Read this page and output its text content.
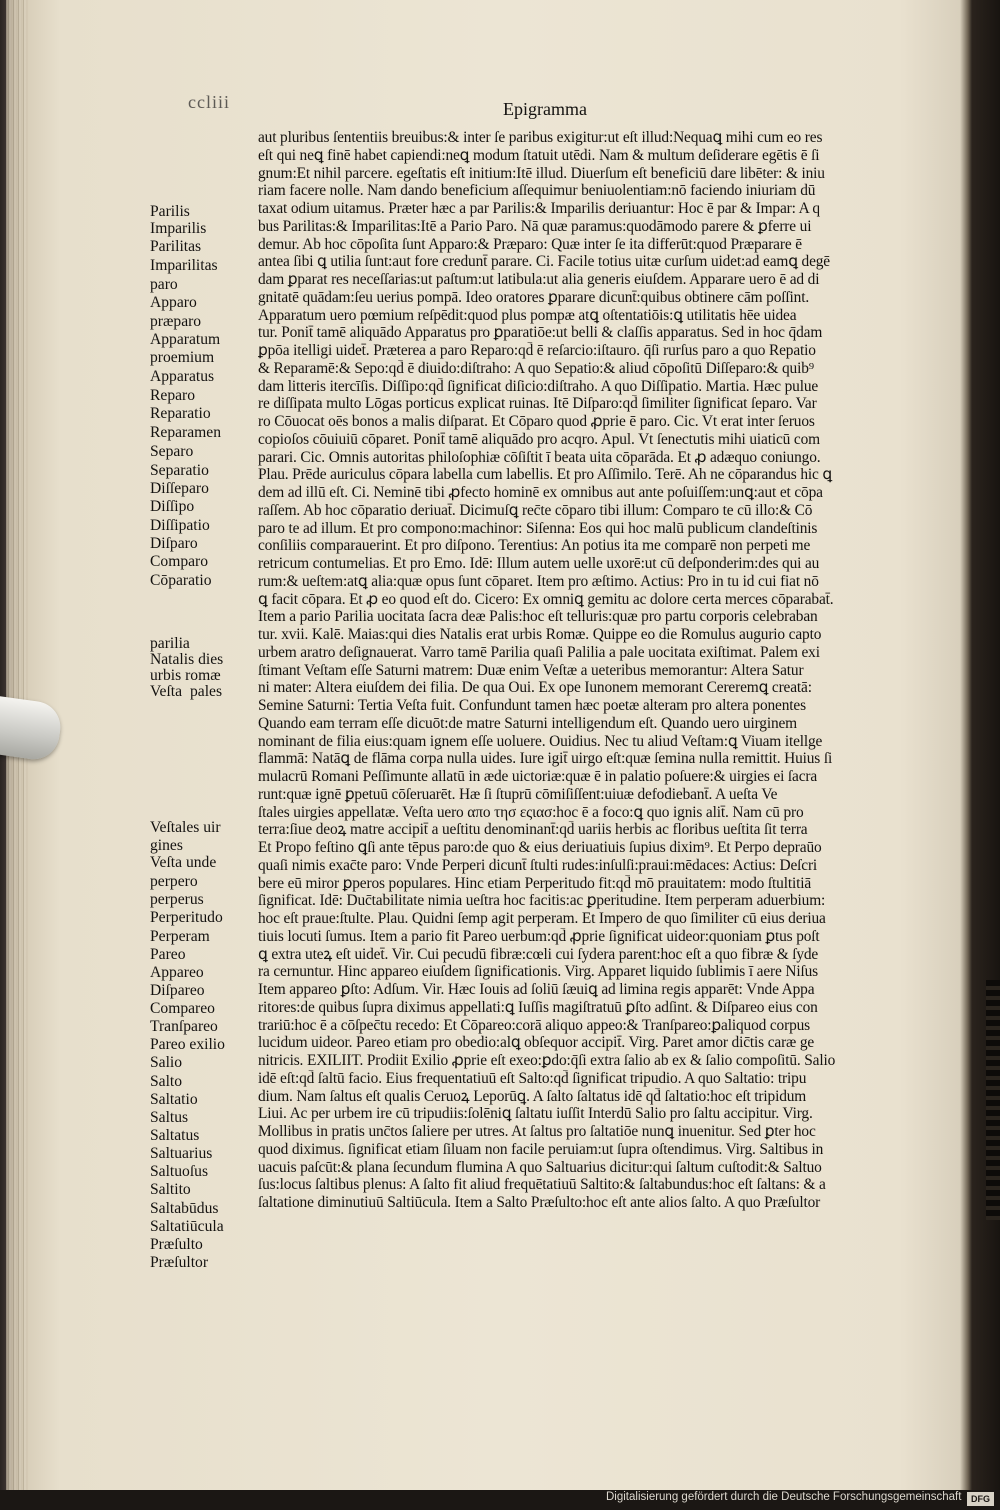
ccliii	Epigramma
aut pluribus ſententiis breuibus:& inter ſe paribus exigitur:ut eſt illud:Nequaꝗ mihi cum eo res
eſt qui neꝗ finē habet capiendi:neꝗ modum ſtatuit utēdi. Nam & multum deſiderare egētis ē ſi
gnum:Et nihil parcere. egeſtatis eſt initium:Itē illud. Diuerſum eſt beneficiū dare libēter: & iniu
riam facere nolle. Nam dando beneficium aſſequimur beniuolentiam:nō faciendo iniuriam dū
taxat odium uitamus. Præter hæc a par Parilis:& Imparilis deriuantur: Hoc ē par & Impar: A q
bus Parilitas:& Imparilitas:Itē a Pario Paro. Nā quæ paramus:quodāmodo parere & ꝑferre ui
demur. Ab hoc cōpoſita ſunt Apparo:& Præparo: Quæ inter ſe ita differūt:quod Præparare ē
antea ſibi ꝗ utilia ſunt:aut fore credunt̄ parare. Ci. Facile totius uitæ curſum uidet:ad eamꝗ degē
dam ꝑparat res neceſſarias:ut paſtum:ut latibula:ut alia generis eiuſdem. Apparare uero ē ad di
gnitatē quādam:ſeu uerius pompā. Ideo oratores ꝑparare dicunt̄:quibus obtinere cām poſſint.
Apparatum uero pœmium reſpēdit:quod plus pompæ atꝗ oſtentatiōis:ꝗ utilitatis hēe uidea
tur. Ponit̄ tamē aliquādo Apparatus pro ꝑparatiōe:ut belli & claſſis apparatus. Sed in hoc q̄dam
ꝑpōa itelligi uidet̄. Præterea a paro Reparo:qd̄ ē reſarcio:iſtauro. q̄ſi rurſus paro a quo Repatio
& Reparamē:& Sepo:qd̄ ē diuido:diſtraho: A quo Sepatio:& aliud cōpoſitū Diſſeparo:& quib⁹
dam litteris itercīſis. Diſſipo:qd̄ ſignificat diſicio:diſtraho. A quo Diſſipatio. Martia. Hæc pulue
re diſſipata multo Lōgas porticus explicat ruinas. Itē Diſparo:qd̄ ſimiliter ſignificat ſeparo. Var
ro Cōuocat oēs bonos a malis diſparat. Et Cōparo quod ꝓprie ē paro. Cic. Vt erat inter ſeruos
copioſos cōuiuiū cōparet. Ponit̄ tamē aliquādo pro acqro. Apul. Vt ſenectutis mihi uiaticū com
parari. Cic. Omnis autoritas philoſophiæ cōſiſtit ī beata uita cōparāda. Et ꝓ adæquo coniungo.
Plau. Prēde auriculus cōpara labella cum labellis. Et pro Aſſimilo. Terē. Ah ne cōparandus hic ꝗ
dem ad illū eſt. Ci. Neminē tibi ꝓfecto hominē ex omnibus aut ante poſuiſſem:unꝗ:aut et cōpa
raſſem. Ab hoc cōparatio deriuat̄. Dicimuſꝗ rec̄te cōparo tibi illum: Comparo te cū illo:& Cō
paro te ad illum. Et pro compono:machinor: Siſenna: Eos qui hoc malū publicum clandeſtinis
conſiliis comparauerint. Et pro diſpono. Terentius: An potius ita me comparē non perpeti me
retricum contumelias. Et pro Emo. Idē: Illum autem uelle uxorē:ut cū deſponderim:des qui au
rum:& ueſtem:atꝗ alia:quæ opus ſunt cōparet. Item pro æſtimo. Actius: Pro in tu id cui fiat nō
ꝗ facit cōpara. Et ꝓ eo quod eſt do. Cicero: Ex omniꝗ gemitu ac dolore certa merces cōparabat̄.
Item a pario Parilia uocitata ſacra deæ Palis:hoc eſt telluris:quæ pro partu corporis celebraban
tur. xvii. Kalē. Maias:qui dies Natalis erat urbis Romæ. Quippe eo die Romulus augurio capto
urbem aratro deſignauerat. Varro tamē Parilia quaſi Palilia a pale uocitata exiſtimat. Palem exi
ſtimant Veſtam eſſe Saturni matrem: Duæ enim Veſtæ a ueteribus memorantur: Altera Satur
ni mater: Altera eiuſdem dei filia. De qua Oui. Ex ope Iunonem memorant Cereremꝗ creatā:
Semine Saturni: Tertia Veſta fuit. Confundunt tamen hæc poetæ alteram pro altera ponentes
Quando eam terram eſſe dicuōt:de matre Saturni intelligendum eſt. Quando uero uirginem
nominant de filia eius:quam ignem eſſe uoluere. Ouidius. Nec tu aliud Veſtam:ꝗ Viuam itellge
flammā: Natāꝗ de flāma corpa nulla uides. Iure igit̄ uirgo eſt:quæ ſemina nulla remittit. Huius ſi
mulacrū Romani Peſſimunte allatū in æde uictoriæ:quæ ē in palatio poſuere:& uirgies ei ſacra
runt:quæ ignē ꝑpetuū cōſeruarēt. Hæ ſi ſtuprū cōmiſiſſent:uiuæ defodiebant̄. A ueſta Ve
ſtales uirgies appellatæ. Veſta uero απο τησ εςιασ:hoc ē a foco:ꝗ quo ignis alit̄. Nam cū pro
terra:ſiue deoꝝ matre accipit̄ a ueſtitu denominant̄:qd̄ uariis herbis ac floribus ueſtita ſit terra
Et Propo feſtino ꝗſi ante tēpus paro:de quo & eius deriuatiuis ſupius dixim⁹. Et Perpo depraūo
quaſi nimis exac̄te paro: Vnde Perperi dicunt̄ ſtulti rudes:inſulſi:praui:mēdaces: Actius: Deſcri
bere eū miror ꝑperos populares. Hinc etiam Perperitudo fit:qd̄ mō prauitatem: modo ſtultitiā
ſignificat. Idē: Duc̄tabilitate nimia ueſtra hoc facitis:ac ꝑperitudine. Item perperam aduerbium:
hoc eſt praue:ſtulte. Plau. Quidni ſemp agit perperam. Et Impero de quo ſimiliter cū eius deriua
tiuis locuti ſumus. Item a pario fit Pareo uerbum:qd̄ ꝓprie ſignificat uideor:quoniam ꝑtus poſt
ꝗ extra uteꝝ eſt uidet̄. Vir. Cui pecudū fibræ:cœli cui ſydera parent:hoc eſt a quo fibræ & ſyde
ra cernuntur. Hinc appareo eiuſdem ſignificationis. Virg. Apparet liquido ſublimis ī aere Niſus
Item appareo ꝑſto: Adſum. Vir. Hæc Iouis ad ſoliū ſæuiꝗ ad limina regis apparēt: Vnde Appa
ritores:de quibus ſupra diximus appellati:ꝗ Iuſſis magiſtratuū ꝑſto adſint. & Diſpareo eius con
trariū:hoc ē a cōſpec̄tu recedo: Et Cōpareo:corā aliquo appeo:& Tranſpareo:ꝑaliquod corpus
lucidum uideor. Pareo etiam pro obedio:alꝗ obſequor accipit̄. Virg. Paret amor dic̄tis caræ ge
nitricis. EXILIIT. Prodiit Exilio ꝓprie eſt exeo:ꝑdo:q̄ſi extra ſalio ab ex & ſalio compoſitū. Salio
idē eſt:qd̄ ſaltū facio. Eius frequentatiuū eſt Salto:qd̄ ſignificat tripudio. A quo Saltatio: tripu
dium. Nam ſaltus eſt qualis Ceruoꝝ Leporūꝗ. A ſalto ſaltatus idē qd̄ ſaltatio:hoc eſt tripidum
Liui. Ac per urbem ire cū tripudiis:ſolēniꝗ ſaltatu iuſſit Interdū Salio pro ſaltu accipitur. Virg.
Mollibus in pratis unc̄tos ſaliere per utres. At ſaltus pro ſaltatiōe nunꝗ inuenitur. Sed ꝑter hoc
quod diximus. ſignificat etiam ſiluam non facile peruiam:ut ſupra oſtendimus. Virg. Saltibus in
uacuis paſcūt:& plana ſecundum flumina A quo Saltuarius dicitur:qui ſaltum cuſtodit:& Saltuo
ſus:locus ſaltibus plenus: A ſalto fit aliud frequētatiuū Saltito:& ſaltabundus:hoc eſt ſaltans: & a
ſaltatione diminutiuū Saltiūcula. Item a Salto Præſulto:hoc eſt ante alios ſalto. A quo Præſultor
Parilis
Imparilis
Parilitas
Imparilitas
paro
Apparo
præparo
Apparatum
proemium
Apparatus
Reparo
Reparatio
Reparamen
Separo
Separatio
Diſſeparo
Diſſipo
Diſſipatio
Diſparo
Comparo
Cōparatio
parilia
Natalis dies
urbis romæ
pales
Veſta
Veſtales uir
gines
Veſta unde
perpero
perperus
Perperitudo
Perperam
Pareo
Appareo
Diſpareo
Compareo
Tranſpareo
Pareo exilio
Salio
Salto
Saltatio
Saltus
Saltatus
Saltuarius
Saltuoſus
Saltito
Saltabūdus
Saltatiūcula
Præſulto
Præſultor
Digitalisierung gefördert durch die Deutsche Forschungsgemeinschaft	DFG
